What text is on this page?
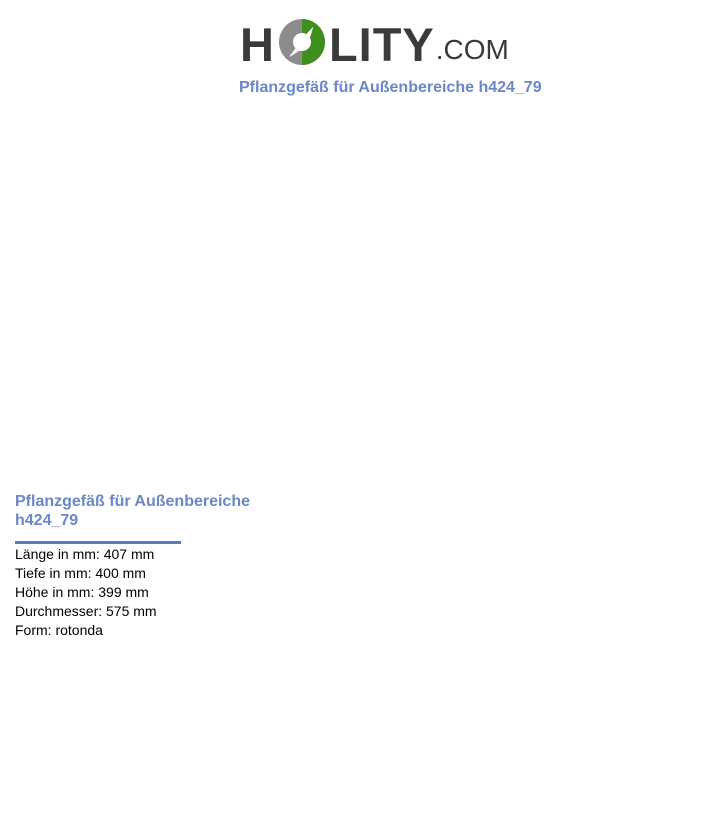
H LITY .COM
Pflanzgefäß für Außenbereiche h424_79
Pflanzgefäß für Außenbereiche h424_79
Länge in mm: 407 mm
Tiefe in mm: 400 mm
Höhe in mm: 399 mm
Durchmesser: 575 mm
Form: rotonda
